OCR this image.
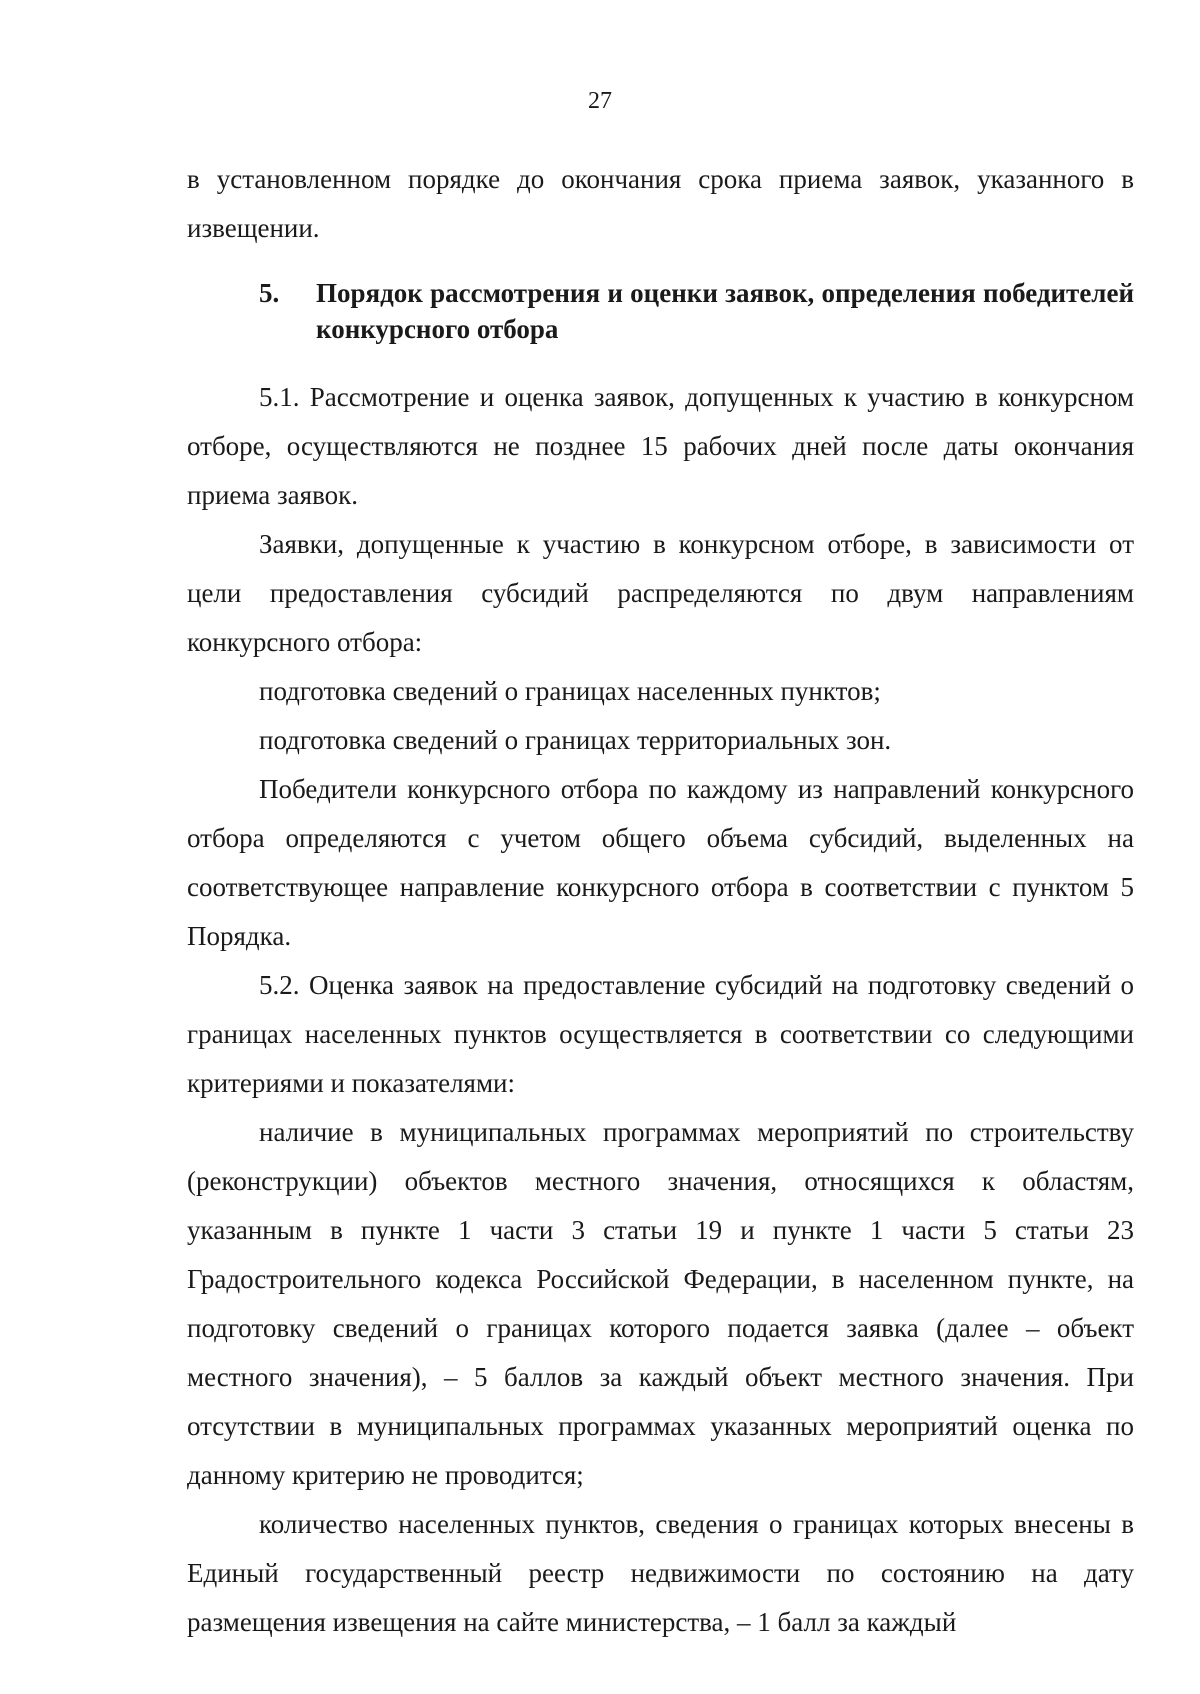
27

в установленном порядке до окончания срока приема заявок, указанного в извещении.

5.	Порядок рассмотрения и оценки заявок, определения победителей конкурсного отбора

5.1. Рассмотрение и оценка заявок, допущенных к участию в конкурсном отборе, осуществляются не позднее 15 рабочих дней после даты окончания приема заявок.

Заявки, допущенные к участию в конкурсном отборе, в зависимости от цели предоставления субсидий распределяются по двум направлениям конкурсного отбора:

подготовка сведений о границах населенных пунктов;

подготовка сведений о границах территориальных зон.

Победители конкурсного отбора по каждому из направлений конкурсного отбора определяются с учетом общего объема субсидий, выделенных на соответствующее направление конкурсного отбора в соответствии с пунктом 5 Порядка.

5.2. Оценка заявок на предоставление субсидий на подготовку сведений о границах населенных пунктов осуществляется в соответствии со следующими критериями и показателями:

наличие в муниципальных программах мероприятий по строительству (реконструкции) объектов местного значения, относящихся к областям, указанным в пункте 1 части 3 статьи 19 и пункте 1 части 5 статьи 23 Градостроительного кодекса Российской Федерации, в населенном пункте, на подготовку сведений о границах которого подается заявка (далее – объект местного значения), – 5 баллов за каждый объект местного значения. При отсутствии в муниципальных программах указанных мероприятий оценка по данному критерию не проводится;

количество населенных пунктов, сведения о границах которых внесены в Единый государственный реестр недвижимости по состоянию на дату размещения извещения на сайте министерства, – 1 балл за каждый
